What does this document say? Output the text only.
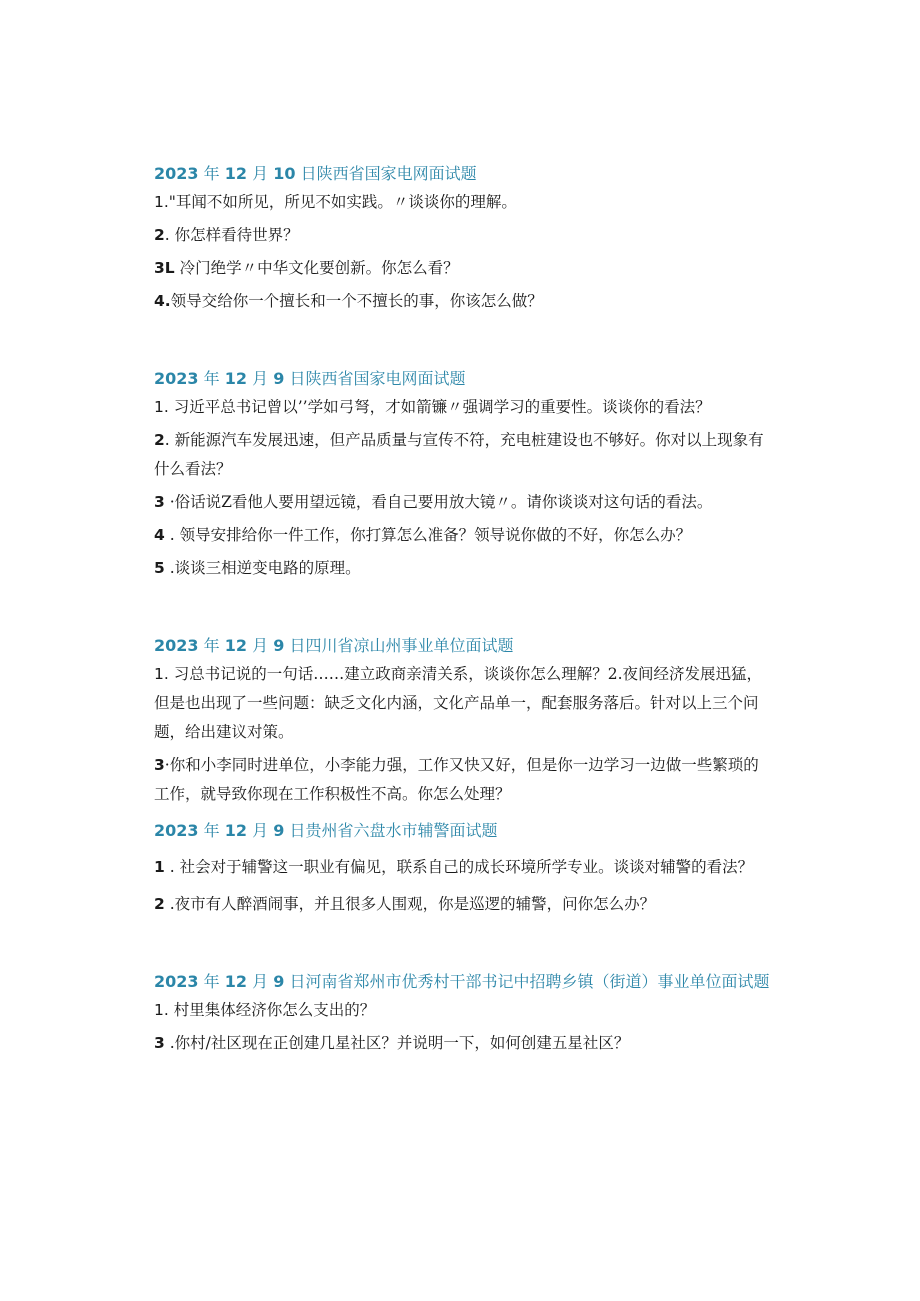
2023 年 12 月 10 日陕西省国家电网面试题

1."耳闻不如所见，所见不如实践。〃谈谈你的理解。

2. 你怎样看待世界？

3L 冷门绝学〃中华文化要创新。你怎么看？

4.领导交给你一个擅长和一个不擅长的事，你该怎么做？

2023 年 12 月 9 日陕西省国家电网面试题

1. 习近平总书记曾以’’学如弓弩，才如箭镰〃强调学习的重要性。谈谈你的看法？

2. 新能源汽车发展迅速，但产品质量与宣传不符，充电桩建设也不够好。你对以上现象有什么看法？

3 ·俗话说Z看他人要用望远镜，看自己要用放大镜〃。请你谈谈对这句话的看法。

4 . 领导安排给你一件工作，你打算怎么准备？领导说你做的不好，你怎么办？

5 .谈谈三相逆变电路的原理。

2023 年 12 月 9 日四川省凉山州事业单位面试题

1. 习总书记说的一句话……建立政商亲清关系，谈谈你怎么理解？2.夜间经济发展迅猛，但是也出现了一些问题：缺乏文化内涵，文化产品单一，配套服务落后。针对以上三个问题，给出建议对策。

3·你和小李同时进单位，小李能力强，工作又快又好，但是你一边学习一边做一些繁琐的工作，就导致你现在工作积极性不高。你怎么处理？

2023 年 12 月 9 日贵州省六盘水市辅警面试题

1 . 社会对于辅警这一职业有偏见，联系自己的成长环境所学专业。谈谈对辅警的看法？

2 .夜市有人醉酒闹事，并且很多人围观，你是巡逻的辅警，问你怎么办？

2023 年 12 月 9 日河南省郑州市优秀村干部书记中招聘乡镇（街道）事业单位面试题

1. 村里集体经济你怎么支出的？

3 .你村/社区现在正创建几星社区？并说明一下，如何创建五星社区？
